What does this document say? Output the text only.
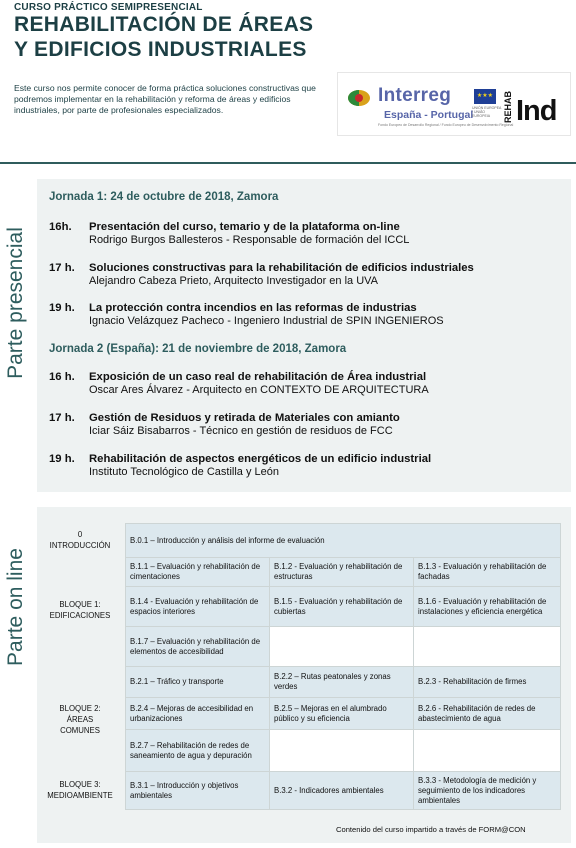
CURSO PRÁCTICO SEMIPRESENCIAL
REHABILITACIÓN DE ÁREAS
Y EDIFICIOS INDUSTRIALES
Este curso nos permite conocer de forma práctica soluciones constructivas que podremos implementar en la rehabilitación y reforma de áreas y edificios industriales, por parte de profesionales especializados.
Interreg
España - Portugal
Fondo Europeo de Desarrollo Regional / Fundo Europeu de Desenvolvimento Regional
★★★
UNIÓN EUROPEA / UNIÃO EUROPEIA	REHAB Ind
Parte presencial
Parte on line
Jornada 1: 24 de octubre de 2018, Zamora
16h. Presentación del curso, temario y de la plataforma on-line
Rodrigo Burgos Ballesteros - Responsable de formación del ICCL
17 h. Soluciones constructivas para la rehabilitación de edificios industriales
Alejandro Cabeza Prieto, Arquitecto Investigador en la UVA
19 h. La protección contra incendios en las reformas de industrias
Ignacio Velázquez Pacheco - Ingeniero Industrial de SPIN INGENIEROS
Jornada 2 (España): 21 de noviembre de 2018, Zamora
16 h. Exposición de un caso real de rehabilitación de Área industrial
Oscar Ares Álvarez - Arquitecto en CONTEXTO DE ARQUITECTURA
17 h. Gestión de Residuos y retirada de Materiales con amianto
Iciar Sáiz Bisabarros - Técnico en gestión de residuos de FCC
19 h. Rehabilitación de aspectos energéticos de un edificio industrial
Instituto Tecnológico de Castilla y León
0
INTRODUCCIÓN
BLOQUE 1:
EDIFICACIONES
BLOQUE 2:
ÁREAS
COMUNES
BLOQUE 3:
MEDIOAMBIENTE
B.0.1 – Introducción y análisis del informe de evaluación		
B.1.1 – Evaluación y rehabilitación de cimentaciones	B.1.2 - Evaluación y rehabilitación de estructuras	B.1.3 - Evaluación y rehabilitación de fachadas
B.1.4 - Evaluación y rehabilitación de espacios interiores	B.1.5 - Evaluación y rehabilitación de cubiertas	B.1.6 - Evaluación y rehabilitación de instalaciones y eficiencia energética
B.1.7 – Evaluación y rehabilitación de elementos de accesibilidad		
B.2.1 – Tráfico y transporte	B.2.2 – Rutas peatonales y zonas verdes	B.2.3 - Rehabilitación de firmes
B.2.4 – Mejoras de accesibilidad en urbanizaciones	B.2.5 – Mejoras en el alumbrado público y su eficiencia	B.2.6 - Rehabilitación de redes de abastecimiento de agua
B.2.7 – Rehabilitación de redes de saneamiento de agua y depuración		
B.3.1 – Introducción y objetivos ambientales	B.3.2 - Indicadores ambientales	B.3.3 - Metodología de medición y seguimiento de los indicadores ambientales
Contenido del curso impartido a través de FORM@CON
